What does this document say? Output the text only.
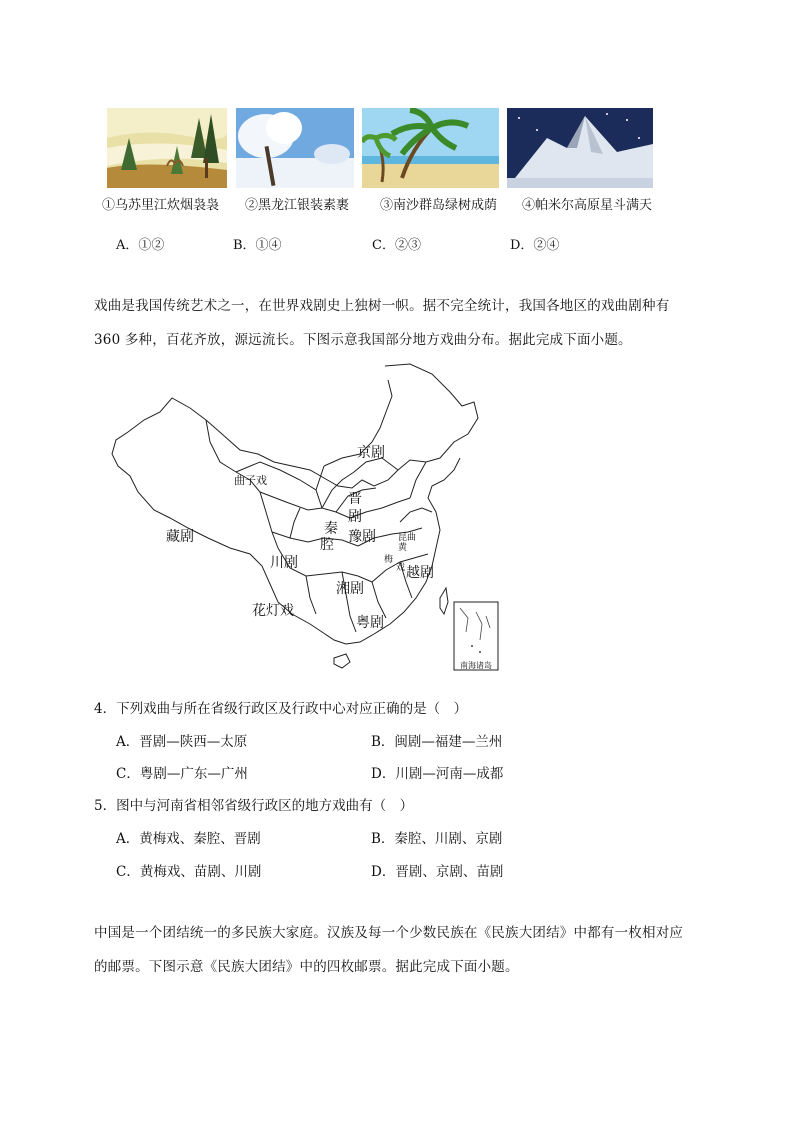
①乌苏里江炊烟袅袅 ②黑龙江银装素裹 ③南沙群岛绿树成荫 ④帕米尔高原星斗满天
A．①②	B．①④	C．②③	D．②④
戏曲是我国传统艺术之一，在世界戏剧史上独树一帜。据不完全统计，我国各地区的戏曲剧种有
360 多种，百花齐放，源远流长。下图示意我国部分地方戏曲分布。据此完成下面小题。
京剧
曲子戏
晋
剧
藏剧	秦
腔 豫剧 昆曲
黄
梅
戏
川剧
越剧
湘剧
花灯戏
粤剧
南海诸岛
4．下列戏曲与所在省级行政区及行政中心对应正确的是（　）
A．晋剧—陕西—太原	B．闽剧—福建—兰州
C．粤剧—广东—广州	D．川剧—河南—成都
5．图中与河南省相邻省级行政区的地方戏曲有（　）
A．黄梅戏、秦腔、晋剧	B．秦腔、川剧、京剧
C．黄梅戏、苗剧、川剧	D．晋剧、京剧、苗剧
中国是一个团结统一的多民族大家庭。汉族及每一个少数民族在《民族大团结》中都有一枚相对应
的邮票。下图示意《民族大团结》中的四枚邮票。据此完成下面小题。
